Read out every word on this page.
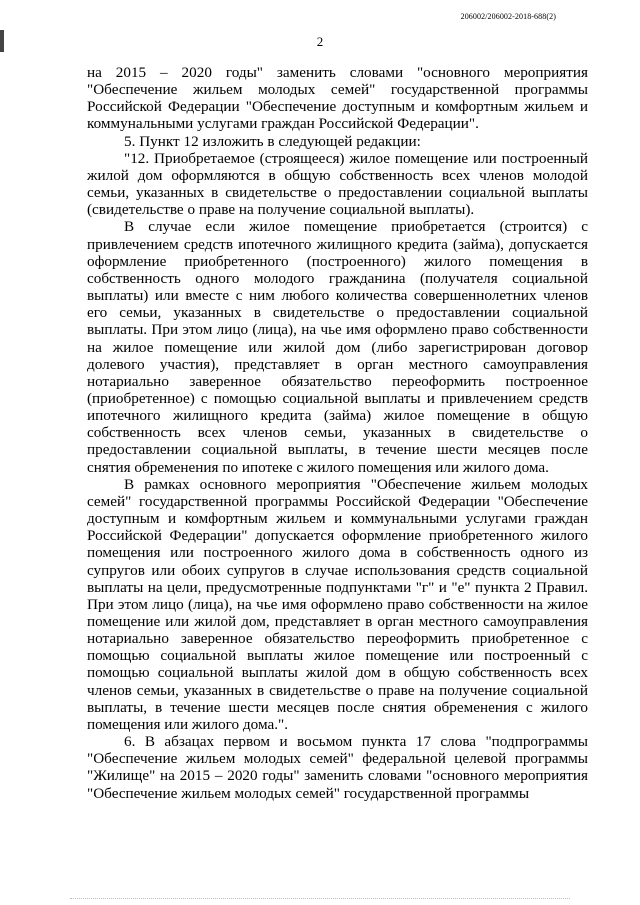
206002/206002-2018-688(2)
2

на 2015 – 2020 годы" заменить словами "основного мероприятия "Обеспечение жильем молодых семей" государственной программы Российской Федерации "Обеспечение доступным и комфортным жильем и коммунальными услугами граждан Российской Федерации".

5. Пункт 12 изложить в следующей редакции:

"12. Приобретаемое (строящееся) жилое помещение или построенный жилой дом оформляются в общую собственность всех членов молодой семьи, указанных в свидетельстве о предоставлении социальной выплаты (свидетельстве о праве на получение социальной выплаты).

В случае если жилое помещение приобретается (строится) с привлечением средств ипотечного жилищного кредита (займа), допускается оформление приобретенного (построенного) жилого помещения в собственность одного молодого гражданина (получателя социальной выплаты) или вместе с ним любого количества совершеннолетних членов его семьи, указанных в свидетельстве о предоставлении социальной выплаты. При этом лицо (лица), на чье имя оформлено право собственности на жилое помещение или жилой дом (либо зарегистрирован договор долевого участия), представляет в орган местного самоуправления нотариально заверенное обязательство переоформить построенное (приобретенное) с помощью социальной выплаты и привлечением средств ипотечного жилищного кредита (займа) жилое помещение в общую собственность всех членов семьи, указанных в свидетельстве о предоставлении социальной выплаты, в течение шести месяцев после снятия обременения по ипотеке с жилого помещения или жилого дома.

В рамках основного мероприятия "Обеспечение жильем молодых семей" государственной программы Российской Федерации "Обеспечение доступным и комфортным жильем и коммунальными услугами граждан Российской Федерации" допускается оформление приобретенного жилого помещения или построенного жилого дома в собственность одного из супругов или обоих супругов в случае использования средств социальной выплаты на цели, предусмотренные подпунктами "г" и "е" пункта 2 Правил. При этом лицо (лица), на чье имя оформлено право собственности на жилое помещение или жилой дом, представляет в орган местного самоуправления нотариально заверенное обязательство переоформить приобретенное с помощью социальной выплаты жилое помещение или построенный с помощью социальной выплаты жилой дом в общую собственность всех членов семьи, указанных в свидетельстве о праве на получение социальной выплаты, в течение шести месяцев после снятия обременения с жилого помещения или жилого дома.".

6. В абзацах первом и восьмом пункта 17 слова "подпрограммы "Обеспечение жильем молодых семей" федеральной целевой программы "Жилище" на 2015 – 2020 годы" заменить словами "основного мероприятия "Обеспечение жильем молодых семей" государственной программы
